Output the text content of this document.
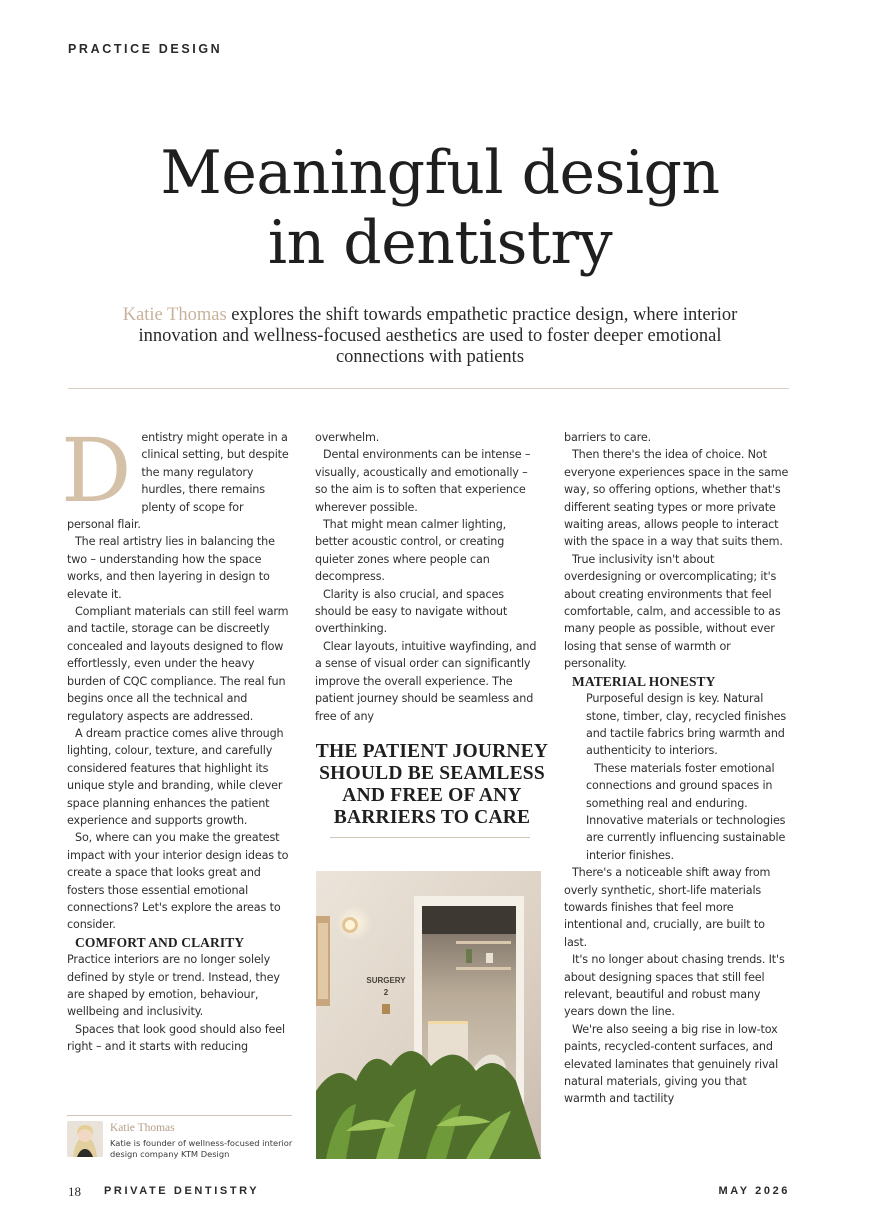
PRACTICE DESIGN
Meaningful design
in dentistry
Katie Thomas explores the shift towards empathetic practice design, where interior innovation and wellness-focused aesthetics are used to foster deeper emotional connections with patients
D entistry might operate in a clinical setting, but despite the many regulatory hurdles, there remains plenty of scope for personal flair.

The real artistry lies in balancing the two – understanding how the space works, and then layering in design to elevate it.

Compliant materials can still feel warm and tactile, storage can be discreetly concealed and layouts designed to flow effortlessly, even under the heavy burden of CQC compliance. The real fun begins once all the technical and regulatory aspects are addressed.

A dream practice comes alive through lighting, colour, texture, and carefully considered features that highlight its unique style and branding, while clever space planning enhances the patient experience and supports growth.

So, where can you make the greatest impact with your interior design ideas to create a space that looks great and fosters those essential emotional connections? Let's explore the areas to consider.

COMFORT AND CLARITY

Practice interiors are no longer solely defined by style or trend. Instead, they are shaped by emotion, behaviour, wellbeing and inclusivity.

Spaces that look good should also feel right – and it starts with reducing

overwhelm.

Dental environments can be intense – visually, acoustically and emotionally – so the aim is to soften that experience wherever possible.

That might mean calmer lighting, better acoustic control, or creating quieter zones where people can decompress.

Clarity is also crucial, and spaces should be easy to navigate without overthinking.

Clear layouts, intuitive wayfinding, and a sense of visual order can significantly improve the overall experience. The patient journey should be seamless and free of any

THE PATIENT JOURNEY SHOULD BE SEAMLESS AND FREE OF ANY BARRIERS TO CARE
SURGERY
2

barriers to care.

Then there's the idea of choice. Not everyone experiences space in the same way, so offering options, whether that's different seating types or more private waiting areas, allows people to interact with the space in a way that suits them.

True inclusivity isn't about overdesigning or overcomplicating; it's about creating environments that feel comfortable, calm, and accessible to as many people as possible, without ever losing that sense of warmth or personality.

MATERIAL HONESTY

Purposeful design is key. Natural stone, timber, clay, recycled finishes and tactile fabrics bring warmth and authenticity to interiors.

These materials foster emotional connections and ground spaces in something real and enduring. Innovative materials or technologies are currently influencing sustainable interior finishes.

There's a noticeable shift away from overly synthetic, short-life materials towards finishes that feel more intentional and, crucially, are built to last.

It's no longer about chasing trends. It's about designing spaces that still feel relevant, beautiful and robust many years down the line.

We're also seeing a big rise in low-tox paints, recycled-content surfaces, and elevated laminates that genuinely rival natural materials, giving you that warmth and tactility

Katie Thomas
Katie is founder of wellness-focused interior design company KTM Design
18 PRIVATE DENTISTRY	MAY 2026
